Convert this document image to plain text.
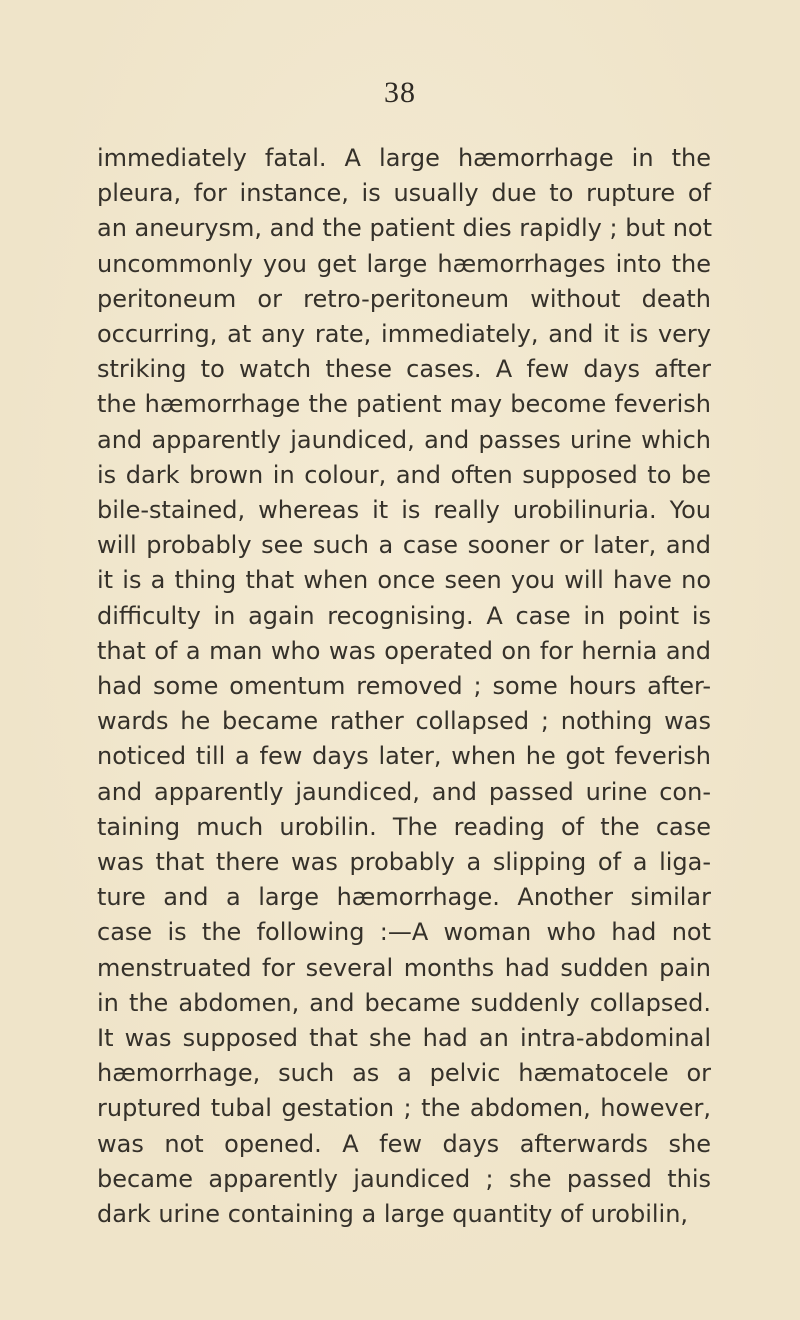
38
immediately fatal. A large hæmorrhage in the
pleura, for instance, is usually due to rupture of
an aneurysm, and the patient dies rapidly ; but not
uncommonly you get large hæmorrhages into the
peritoneum or retro-peritoneum without death
occurring, at any rate, immediately, and it is very
striking to watch these cases. A few days after
the hæmorrhage the patient may become feverish
and apparently jaundiced, and passes urine which
is dark brown in colour, and often supposed to be
bile-stained, whereas it is really urobilinuria. You
will probably see such a case sooner or later, and
it is a thing that when once seen you will have no
difficulty in again recognising. A case in point is
that of a man who was operated on for hernia and
had some omentum removed ; some hours after-
wards he became rather collapsed ; nothing was
noticed till a few days later, when he got feverish
and apparently jaundiced, and passed urine con-
taining much urobilin. The reading of the case
was that there was probably a slipping of a liga-
ture and a large hæmorrhage. Another similar
case is the following :—A woman who had not
menstruated for several months had sudden pain
in the abdomen, and became suddenly collapsed.
It was supposed that she had an intra-abdominal
hæmorrhage, such as a pelvic hæmatocele or
ruptured tubal gestation ; the abdomen, however,
was not opened. A few days afterwards she
became apparently jaundiced ; she passed this
dark urine containing a large quantity of urobilin,
